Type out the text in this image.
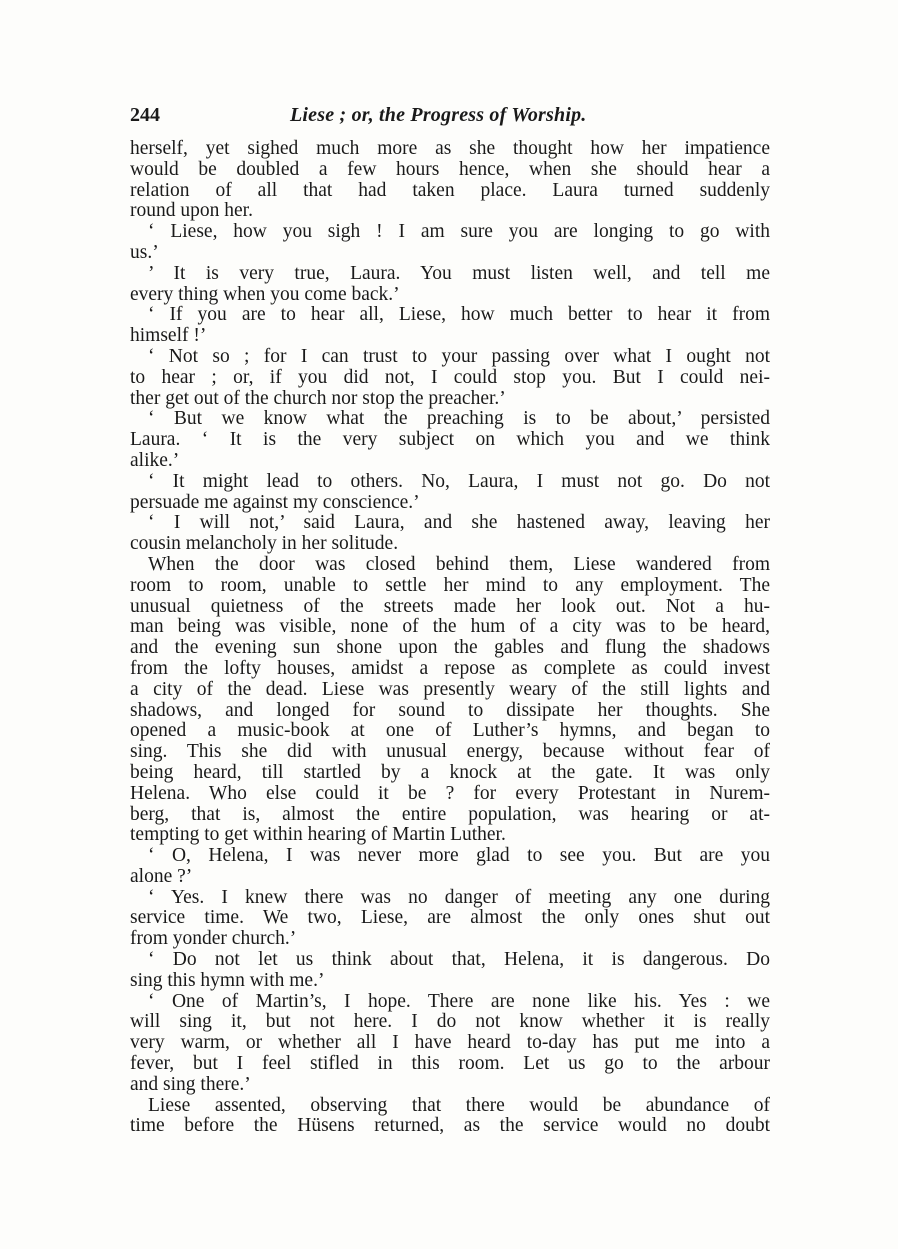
244	Liese ; or, the Progress of Worship.
herself, yet sighed much more as she thought how her impatience
would be doubled a few hours hence, when she should hear a
relation of all that had taken place. Laura turned suddenly
round upon her.
‘ Liese, how you sigh ! I am sure you are longing to go with
us.’
’ It is very true, Laura. You must listen well, and tell me
every thing when you come back.’
‘ If you are to hear all, Liese, how much better to hear it from
himself !’
‘ Not so ; for I can trust to your passing over what I ought not
to hear ; or, if you did not, I could stop you. But I could nei-
ther get out of the church nor stop the preacher.’
‘ But we know what the preaching is to be about,’ persisted
Laura. ‘ It is the very subject on which you and we think
alike.’
‘ It might lead to others. No, Laura, I must not go. Do not
persuade me against my conscience.’
‘ I will not,’ said Laura, and she hastened away, leaving her
cousin melancholy in her solitude.
When the door was closed behind them, Liese wandered from
room to room, unable to settle her mind to any employment. The
unusual quietness of the streets made her look out. Not a hu-
man being was visible, none of the hum of a city was to be heard,
and the evening sun shone upon the gables and flung the shadows
from the lofty houses, amidst a repose as complete as could invest
a city of the dead. Liese was presently weary of the still lights and
shadows, and longed for sound to dissipate her thoughts. She
opened a music-book at one of Luther’s hymns, and began to
sing. This she did with unusual energy, because without fear of
being heard, till startled by a knock at the gate. It was only
Helena. Who else could it be ? for every Protestant in Nurem-
berg, that is, almost the entire population, was hearing or at-
tempting to get within hearing of Martin Luther.
‘ O, Helena, I was never more glad to see you. But are you
alone ?’
‘ Yes. I knew there was no danger of meeting any one during
service time. We two, Liese, are almost the only ones shut out
from yonder church.’
‘ Do not let us think about that, Helena, it is dangerous. Do
sing this hymn with me.’
‘ One of Martin’s, I hope. There are none like his. Yes : we
will sing it, but not here. I do not know whether it is really
very warm, or whether all I have heard to-day has put me into a
fever, but I feel stifled in this room. Let us go to the arbour
and sing there.’
Liese assented, observing that there would be abundance of
time before the Hüsens returned, as the service would no doubt
